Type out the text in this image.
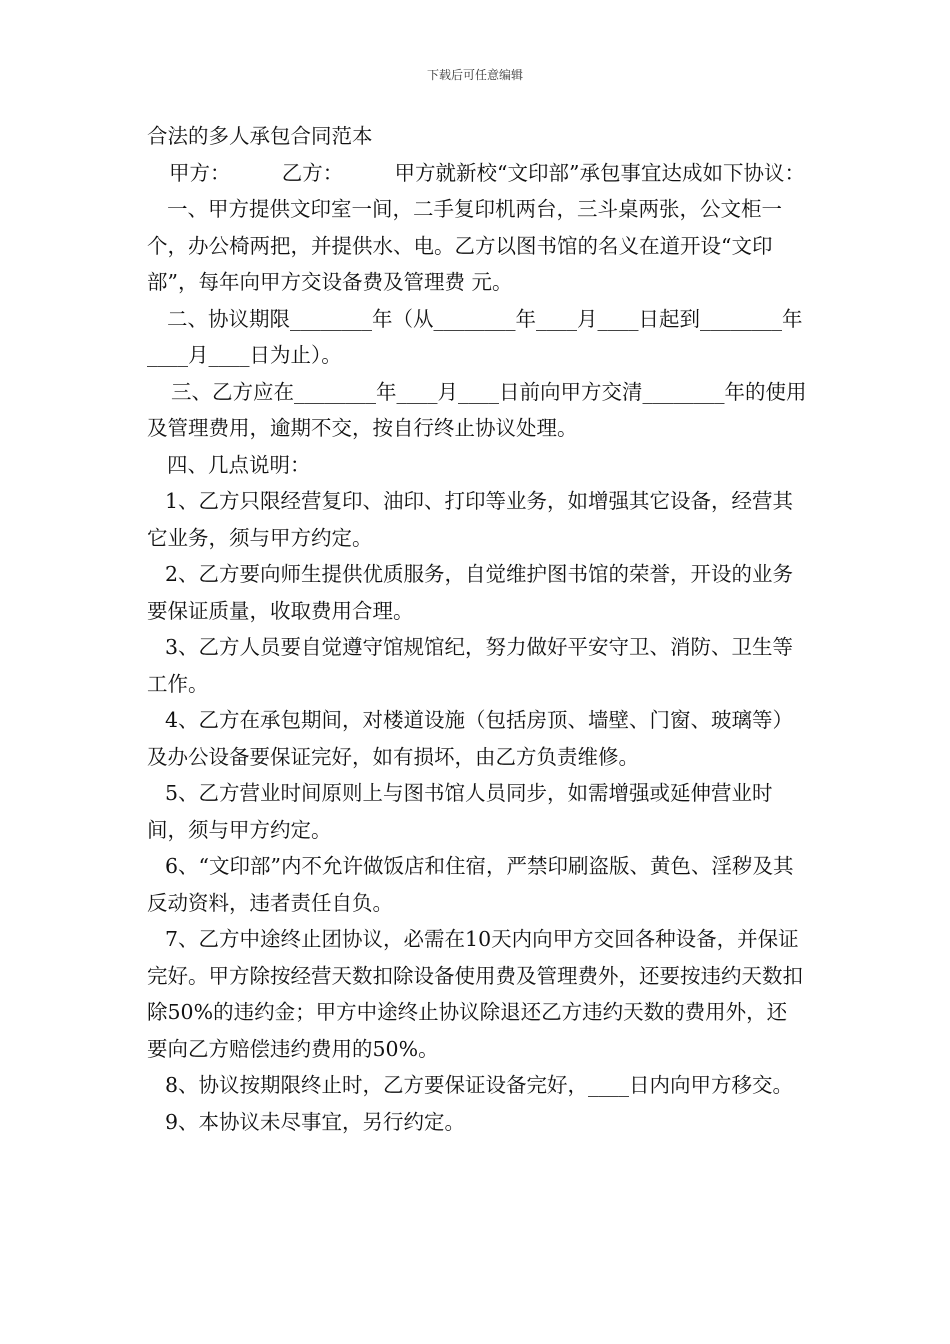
下载后可任意编辑

合法的多人承包合同范本

甲方：　　　乙方：　　　甲方就新校“文印部”承包事宜达成如下协议：

一、甲方提供文印室一间，二手复印机两台，三斗桌两张，公文柜一个，办公椅两把，并提供水、电。乙方以图书馆的名义在道开设“文印部”，每年向甲方交设备费及管理费 元。

二、协议期限________年（从________年____月____日起到________年____月____日为止）。

三、乙方应在________年____月____日前向甲方交清________年的使用及管理费用，逾期不交，按自行终止协议处理。

四、几点说明：

1、乙方只限经营复印、油印、打印等业务，如增强其它设备，经营其它业务，须与甲方约定。

2、乙方要向师生提供优质服务，自觉维护图书馆的荣誉，开设的业务要保证质量，收取费用合理。

3、乙方人员要自觉遵守馆规馆纪，努力做好平安守卫、消防、卫生等工作。

4、乙方在承包期间，对楼道设施（包括房顶、墙壁、门窗、玻璃等）及办公设备要保证完好，如有损坏，由乙方负责维修。

5、乙方营业时间原则上与图书馆人员同步，如需增强或延伸营业时间，须与甲方约定。

6、“文印部”内不允许做饭店和住宿，严禁印刷盗版、黄色、淫秽及其反动资料，违者责任自负。

7、乙方中途终止团协议，必需在10天内向甲方交回各种设备，并保证完好。甲方除按经营天数扣除设备使用费及管理费外，还要按违约天数扣除50%的违约金；甲方中途终止协议除退还乙方违约天数的费用外，还要向乙方赔偿违约费用的50%。

8、协议按期限终止时，乙方要保证设备完好，____日内向甲方移交。

9、本协议未尽事宜，另行约定。
